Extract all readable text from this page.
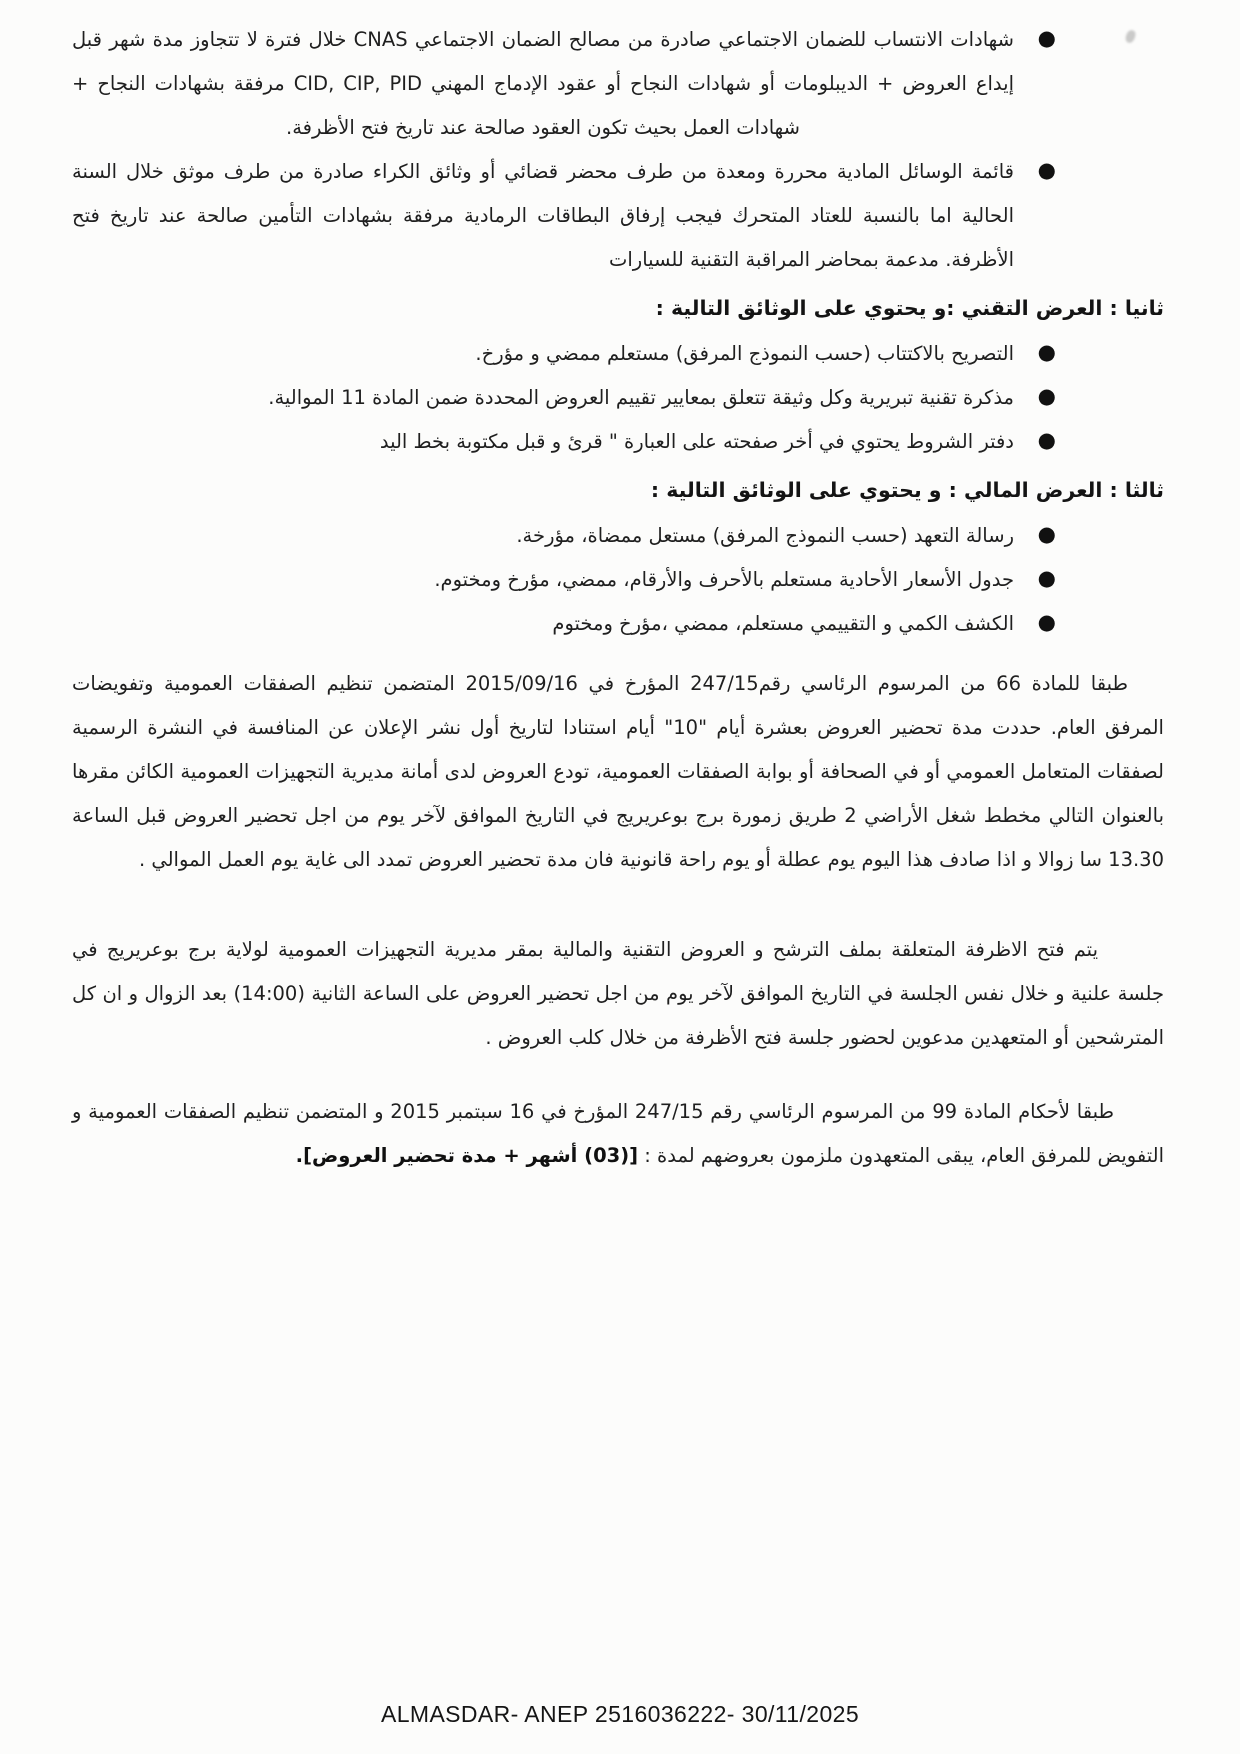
●
شهادات الانتساب للضمان الاجتماعي صادرة من مصالح الضمان الاجتماعي CNAS خلال فترة لا تتجاوز مدة شهر قبل إيداع العروض + الديبلومات أو شهادات النجاح أو عقود الإدماج المهني CID, CIP, PID مرفقة بشهادات النجاح + شهادات العمل بحيث تكون العقود صالحة عند تاريخ فتح الأظرفة.
●
قائمة الوسائل المادية محررة ومعدة من طرف محضر قضائي أو وثائق الكراء صادرة من طرف موثق خلال السنة الحالية اما بالنسبة للعتاد المتحرك فيجب إرفاق البطاقات الرمادية مرفقة بشهادات التأمين صالحة عند تاريخ فتح الأظرفة. مدعمة بمحاضر المراقبة التقنية للسيارات

ثانيا : العرض التقني :و يحتوي على الوثائق التالية :

●
التصريح بالاكتتاب (حسب النموذج المرفق) مستعلم ممضي و مؤرخ.
●
مذكرة تقنية تبريرية وكل وثيقة تتعلق بمعايير تقييم العروض المحددة ضمن المادة 11 الموالية.
●
دفتر الشروط يحتوي في أخر صفحته على العبارة " قرئ و قبل مكتوبة بخط اليد

ثالثا : العرض المالي : و يحتوي على الوثائق التالية :

●
رسالة التعهد (حسب النموذج المرفق) مستعل ممضاة، مؤرخة.
●
جدول الأسعار الأحادية مستعلم بالأحرف والأرقام، ممضي، مؤرخ ومختوم.
●
الكشف الكمي و التقييمي مستعلم، ممضي ،مؤرخ ومختوم

طبقا للمادة 66 من المرسوم الرئاسي رقم247/15 المؤرخ في 2015/09/16 المتضمن تنظيم الصفقات العمومية وتفويضات المرفق العام. حددت مدة تحضير العروض بعشرة أيام "10" أيام استنادا لتاريخ أول نشر الإعلان عن المنافسة في النشرة الرسمية لصفقات المتعامل العمومي أو في الصحافة أو بوابة الصفقات العمومية، تودع العروض لدى أمانة مديرية التجهيزات العمومية الكائن مقرها بالعنوان التالي مخطط شغل الأراضي 2 طريق زمورة برج بوعريريج في التاريخ الموافق لآخر يوم من اجل تحضير العروض قبل الساعة 13.30 سا زوالا و اذا صادف هذا اليوم يوم عطلة أو يوم راحة قانونية فان مدة تحضير العروض تمدد الى غاية يوم العمل الموالي .

يتم فتح الاظرفة المتعلقة بملف الترشح و العروض التقنية والمالية بمقر مديرية التجهيزات العمومية لولاية برج بوعريريج في جلسة علنية و خلال نفس الجلسة في التاريخ الموافق لآخر يوم من اجل تحضير العروض على الساعة الثانية (14:00) بعد الزوال و ان كل المترشحين أو المتعهدين مدعوين لحضور جلسة فتح الأظرفة من خلال كلب العروض .

طبقا لأحكام المادة 99 من المرسوم الرئاسي رقم 247/15 المؤرخ في 16 سبتمبر 2015 و المتضمن تنظيم الصفقات العمومية و التفويض للمرفق العام، يبقى المتعهدون ملزمون بعروضهم لمدة : [(03) أشهر + مدة تحضير العروض].

ALMASDAR- ANEP 2516036222- 30/11/2025
